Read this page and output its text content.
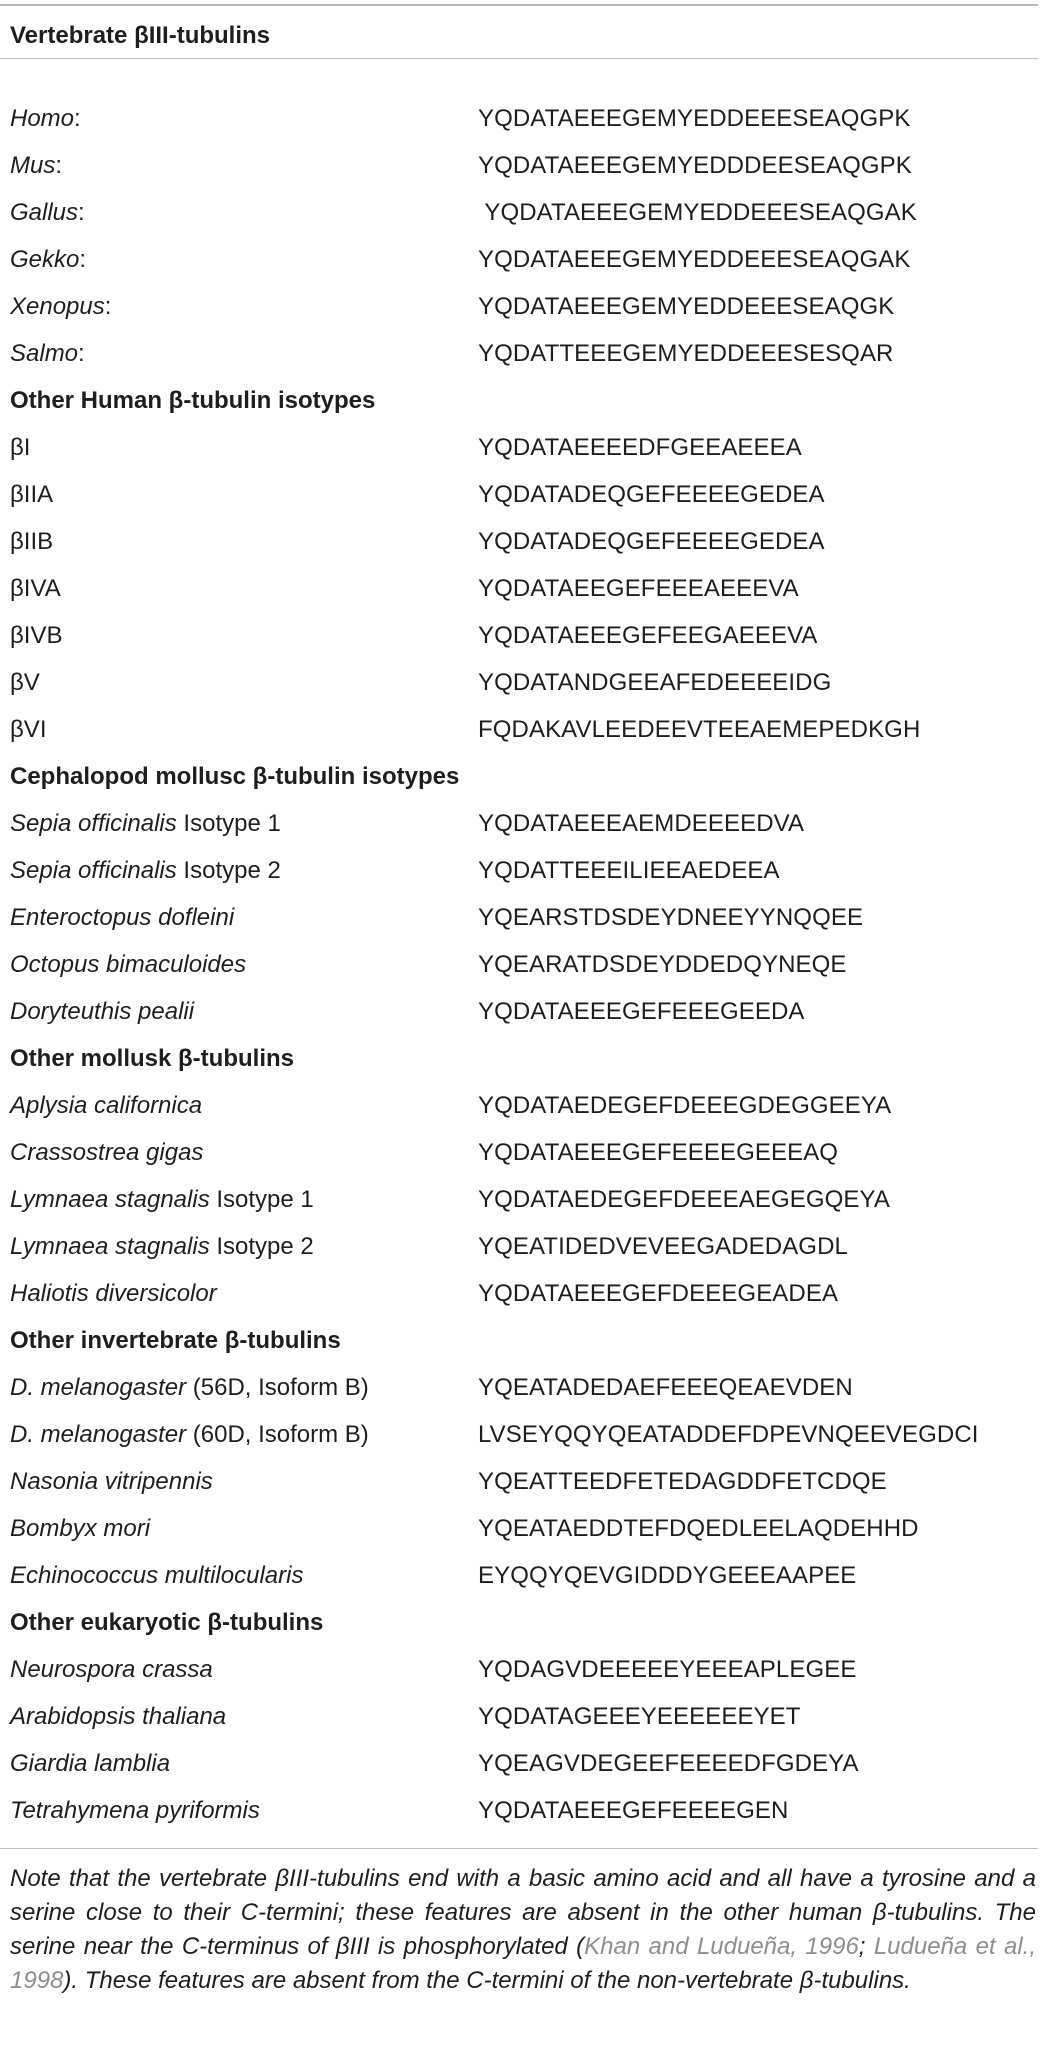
Vertebrate βIII-tubulins
Homo:	YQDATAEEEGEMYEDDEEESEAQGPK
Mus:	YQDATAEEEGEMYEDDDEESEAQGPK
Gallus:	YQDATAEEEGEMYEDDEEESEAQGAK
Gekko:	YQDATAEEEGEMYEDDEEESEAQGAK
Xenopus:	YQDATAEEEGEMYEDDEEESEAQGK
Salmo:	YQDATTEEEGEMYEDDEEESESQAR
Other Human β-tubulin isotypes
βI	YQDATAEEEEDFGEEAEEEA
βIIA	YQDATADEQGEFEEEEGEDEA
βIIB	YQDATADEQGEFEEEEGEDEA
βIVA	YQDATAEEGEFEEEAEEEVA
βIVB	YQDATAEEEGEFEEGAEEEVA
βV	YQDATANDGEEAFEDEEEEIDG
βVI	FQDAKAVLEEDEEVTEEAEMEPEDKGH
Cephalopod mollusc β-tubulin isotypes
Sepia officinalis Isotype 1	YQDATAEEEAEMDEEEEDVA
Sepia officinalis Isotype 2	YQDATTEEEILIEEAEDEEA
Enteroctopus dofleini	YQEARSTDSDEYDNEEYYNQQEE
Octopus bimaculoides	YQEARATDSDEYDDEDQYNEQE
Doryteuthis pealii	YQDATAEEEGEFEEEGEEDA
Other mollusk β-tubulins
Aplysia californica	YQDATAEDEGEFDEEEGDEGGEEYA
Crassostrea gigas	YQDATAEEEGEFEEEEGEEEAQ
Lymnaea stagnalis Isotype 1	YQDATAEDEGEFDEEEAEGEGQEYA
Lymnaea stagnalis Isotype 2	YQEATIDEDVEVEEGADEDAGDL
Haliotis diversicolor	YQDATAEEEGEFDEEEGEADEA
Other invertebrate β-tubulins
D. melanogaster (56D, Isoform B)	YQEATADEDAEFEEEQEAEVDEN
D. melanogaster (60D, Isoform B)	LVSEYQQYQEATADDEFDPEVNQEEVEGDCI
Nasonia vitripennis	YQEATTEEDFETEDAGDDFETCDQE
Bombyx mori	YQEATAEDDTEFDQEDLEELAQDEHHD
Echinococcus multilocularis	EYQQYQEVGIDDDYGEEEAAPEE
Other eukaryotic β-tubulins
Neurospora crassa	YQDAGVDEEEEEYEEEAPLEGEE
Arabidopsis thaliana	YQDATAGEEEYEEEEEEYET
Giardia lamblia	YQEAGVDEGEEFEEEEDFGDEYA
Tetrahymena pyriformis	YQDATAEEEGEFEEEEGEN
Note that the vertebrate βIII-tubulins end with a basic amino acid and all have a tyrosine and a serine close to their C-termini; these features are absent in the other human β-tubulins. The serine near the C-terminus of βIII is phosphorylated (Khan and Ludueña, 1996; Ludueña et al., 1998). These features are absent from the C-termini of the non-vertebrate β-tubulins.
